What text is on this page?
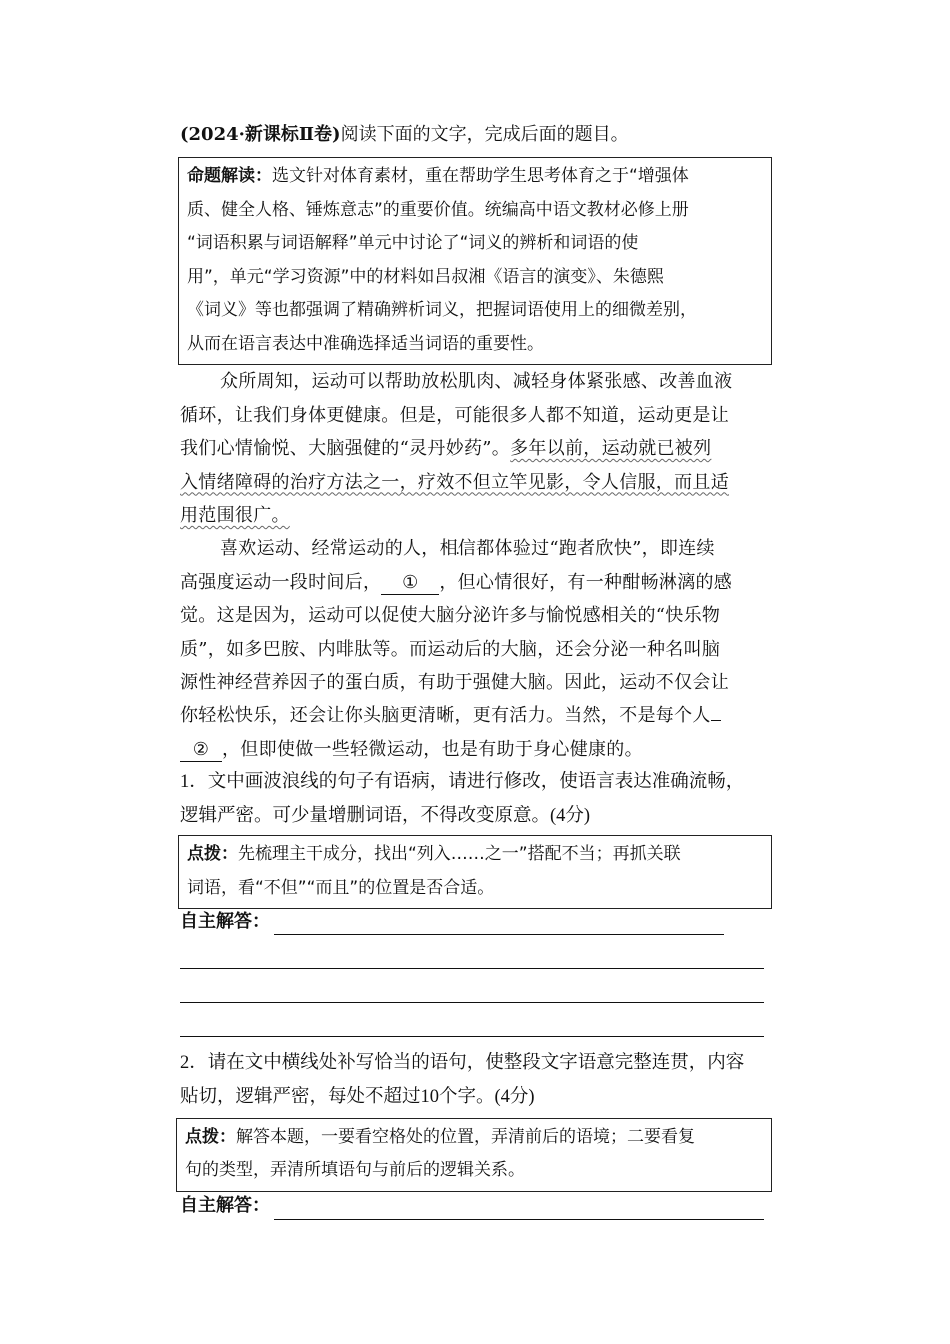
(2024·新课标Ⅱ卷)阅读下面的文字，完成后面的题目。
命题解读：选文针对体育素材，重在帮助学生思考体育之于“增强体
质、健全人格、锤炼意志”的重要价值。统编高中语文教材必修上册
“词语积累与词语解释”单元中讨论了“词义的辨析和词语的使
用”，单元“学习资源”中的材料如吕叔湘《语言的演变》、朱德熙
《词义》等也都强调了精确辨析词义，把握词语使用上的细微差别，
从而在语言表达中准确选择适当词语的重要性。
众所周知，运动可以帮助放松肌肉、减轻身体紧张感、改善血液
循环，让我们身体更健康。但是，可能很多人都不知道，运动更是让
我们心情愉悦、大脑强健的“灵丹妙药”。多年以前，运动就已被列
入情绪障碍的治疗方法之一，疗效不但立竿见影，令人信服，而且适
用范围很广。
喜欢运动、经常运动的人，相信都体验过“跑者欣快”，即连续
高强度运动一段时间后， ① ，但心情很好，有一种酣畅淋漓的感
觉。这是因为，运动可以促使大脑分泌许多与愉悦感相关的“快乐物
质”，如多巴胺、内啡肽等。而运动后的大脑，还会分泌一种名叫脑
源性神经营养因子的蛋白质，有助于强健大脑。因此，运动不仅会让
你轻松快乐，还会让你头脑更清晰，更有活力。当然，不是每个人
② ，但即使做一些轻微运动，也是有助于身心健康的。
1．文中画波浪线的句子有语病，请进行修改，使语言表达准确流畅，
逻辑严密。可少量增删词语，不得改变原意。(4分)
点拨：先梳理主干成分，找出“列入……之一”搭配不当；再抓关联
词语，看“不但”“而且”的位置是否合适。
自主解答：
2．请在文中横线处补写恰当的语句，使整段文字语意完整连贯，内容
贴切，逻辑严密，每处不超过10个字。(4分)
点拨：解答本题，一要看空格处的位置，弄清前后的语境；二要看复
句的类型，弄清所填语句与前后的逻辑关系。
自主解答：
